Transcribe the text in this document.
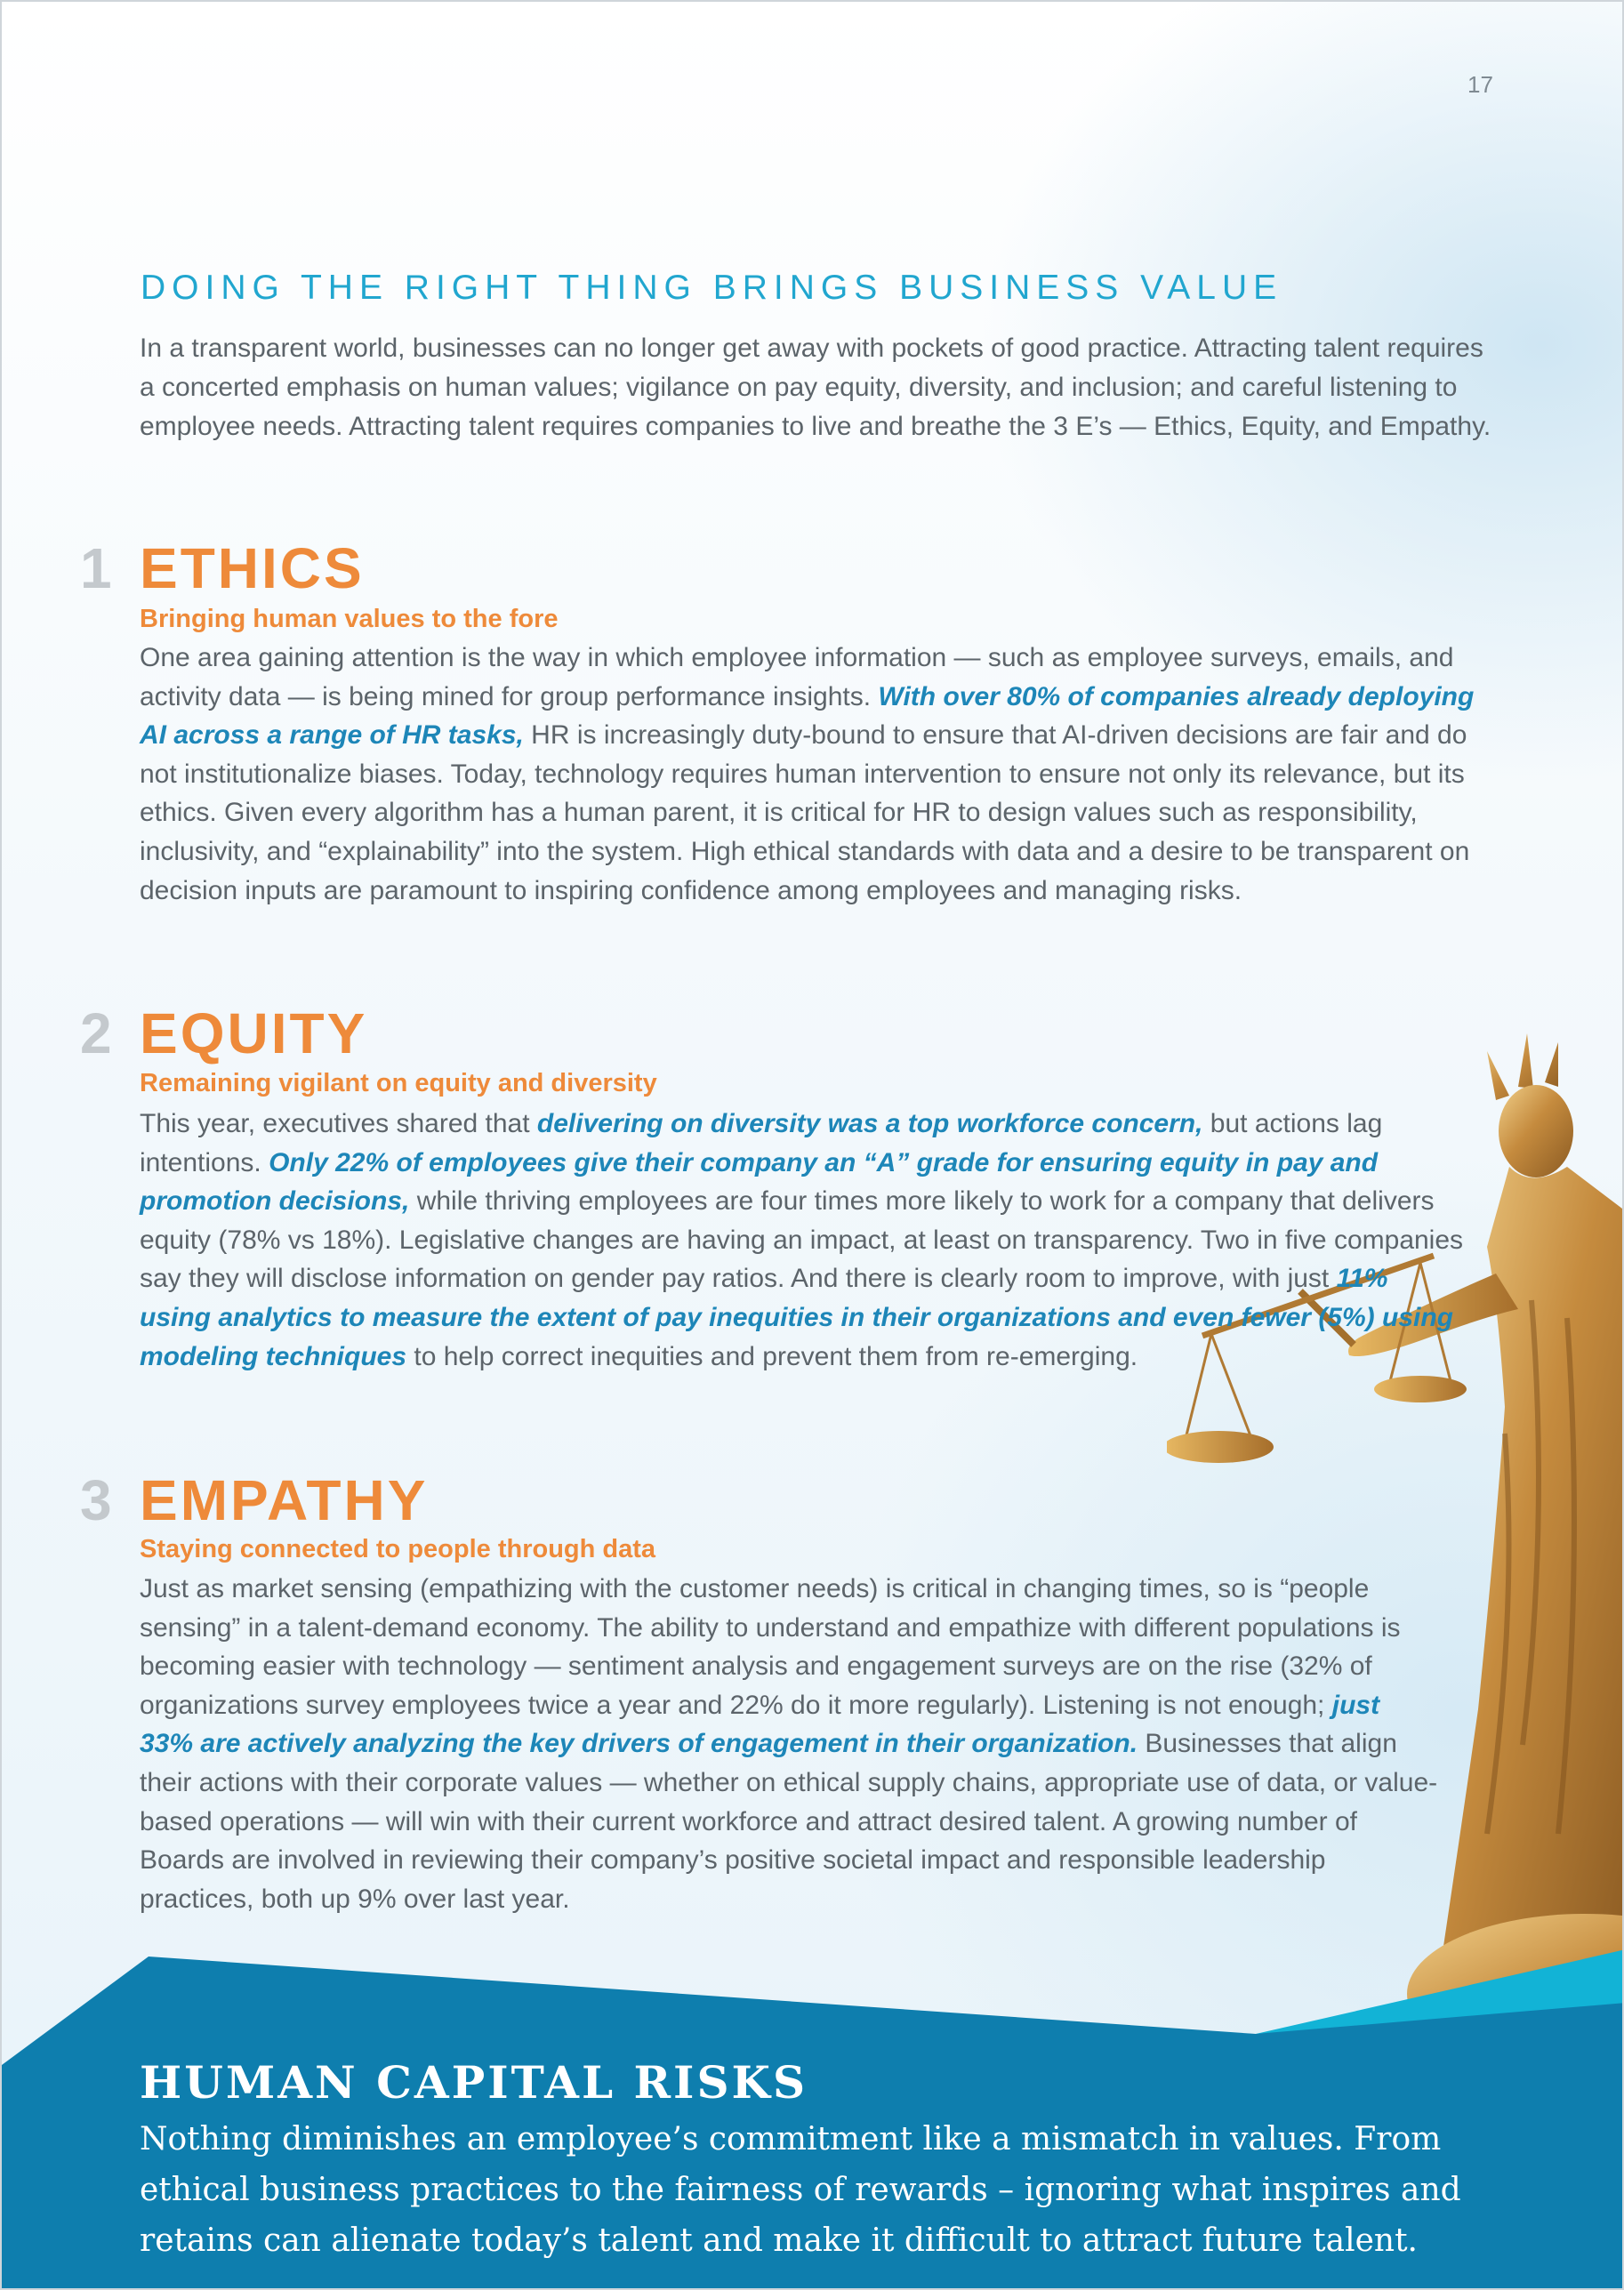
17
DOING THE RIGHT THING BRINGS BUSINESS VALUE

In a transparent world, businesses can no longer get away with pockets of good practice. Attracting talent requires a concerted emphasis on human values; vigilance on pay equity, diversity, and inclusion; and careful listening to employee needs. Attracting talent requires companies to live and breathe the 3 E’s — Ethics, Equity, and Empathy.

1 ETHICS
Bringing human values to the fore

One area gaining attention is the way in which employee information — such as employee surveys, emails, and activity data — is being mined for group performance insights. With over 80% of companies already deploying AI across a range of HR tasks, HR is increasingly duty-bound to ensure that AI-driven decisions are fair and do not institutionalize biases. Today, technology requires human intervention to ensure not only its relevance, but its ethics. Given every algorithm has a human parent, it is critical for HR to design values such as responsibility, inclusivity, and “explainability” into the system. High ethical standards with data and a desire to be transparent on decision inputs are paramount to inspiring confidence among employees and managing risks.

2 EQUITY
Remaining vigilant on equity and diversity

This year, executives shared that delivering on diversity was a top workforce concern, but actions lag intentions. Only 22% of employees give their company an “A” grade for ensuring equity in pay and promotion decisions, while thriving employees are four times more likely to work for a company that delivers equity (78% vs 18%). Legislative changes are having an impact, at least on transparency. Two in five companies say they will disclose information on gender pay ratios. And there is clearly room to improve, with just 11% using analytics to measure the extent of pay inequities in their organizations and even fewer (5%) using modeling techniques to help correct inequities and prevent them from re-emerging.

3 EMPATHY
Staying connected to people through data

Just as market sensing (empathizing with the customer needs) is critical in changing times, so is “people sensing” in a talent-demand economy. The ability to understand and empathize with different populations is becoming easier with technology — sentiment analysis and engagement surveys are on the rise (32% of organizations survey employees twice a year and 22% do it more regularly). Listening is not enough; just 33% are actively analyzing the key drivers of engagement in their organization. Businesses that align their actions with their corporate values — whether on ethical supply chains, appropriate use of data, or value-based operations — will win with their current workforce and attract desired talent. A growing number of Boards are involved in reviewing their company’s positive societal impact and responsible leadership practices, both up 9% over last year.

HUMAN CAPITAL RISKS

Nothing diminishes an employee’s commitment like a mismatch in values. From ethical business practices to the fairness of rewards – ignoring what inspires and retains can alienate today’s talent and make it difficult to attract future talent.
